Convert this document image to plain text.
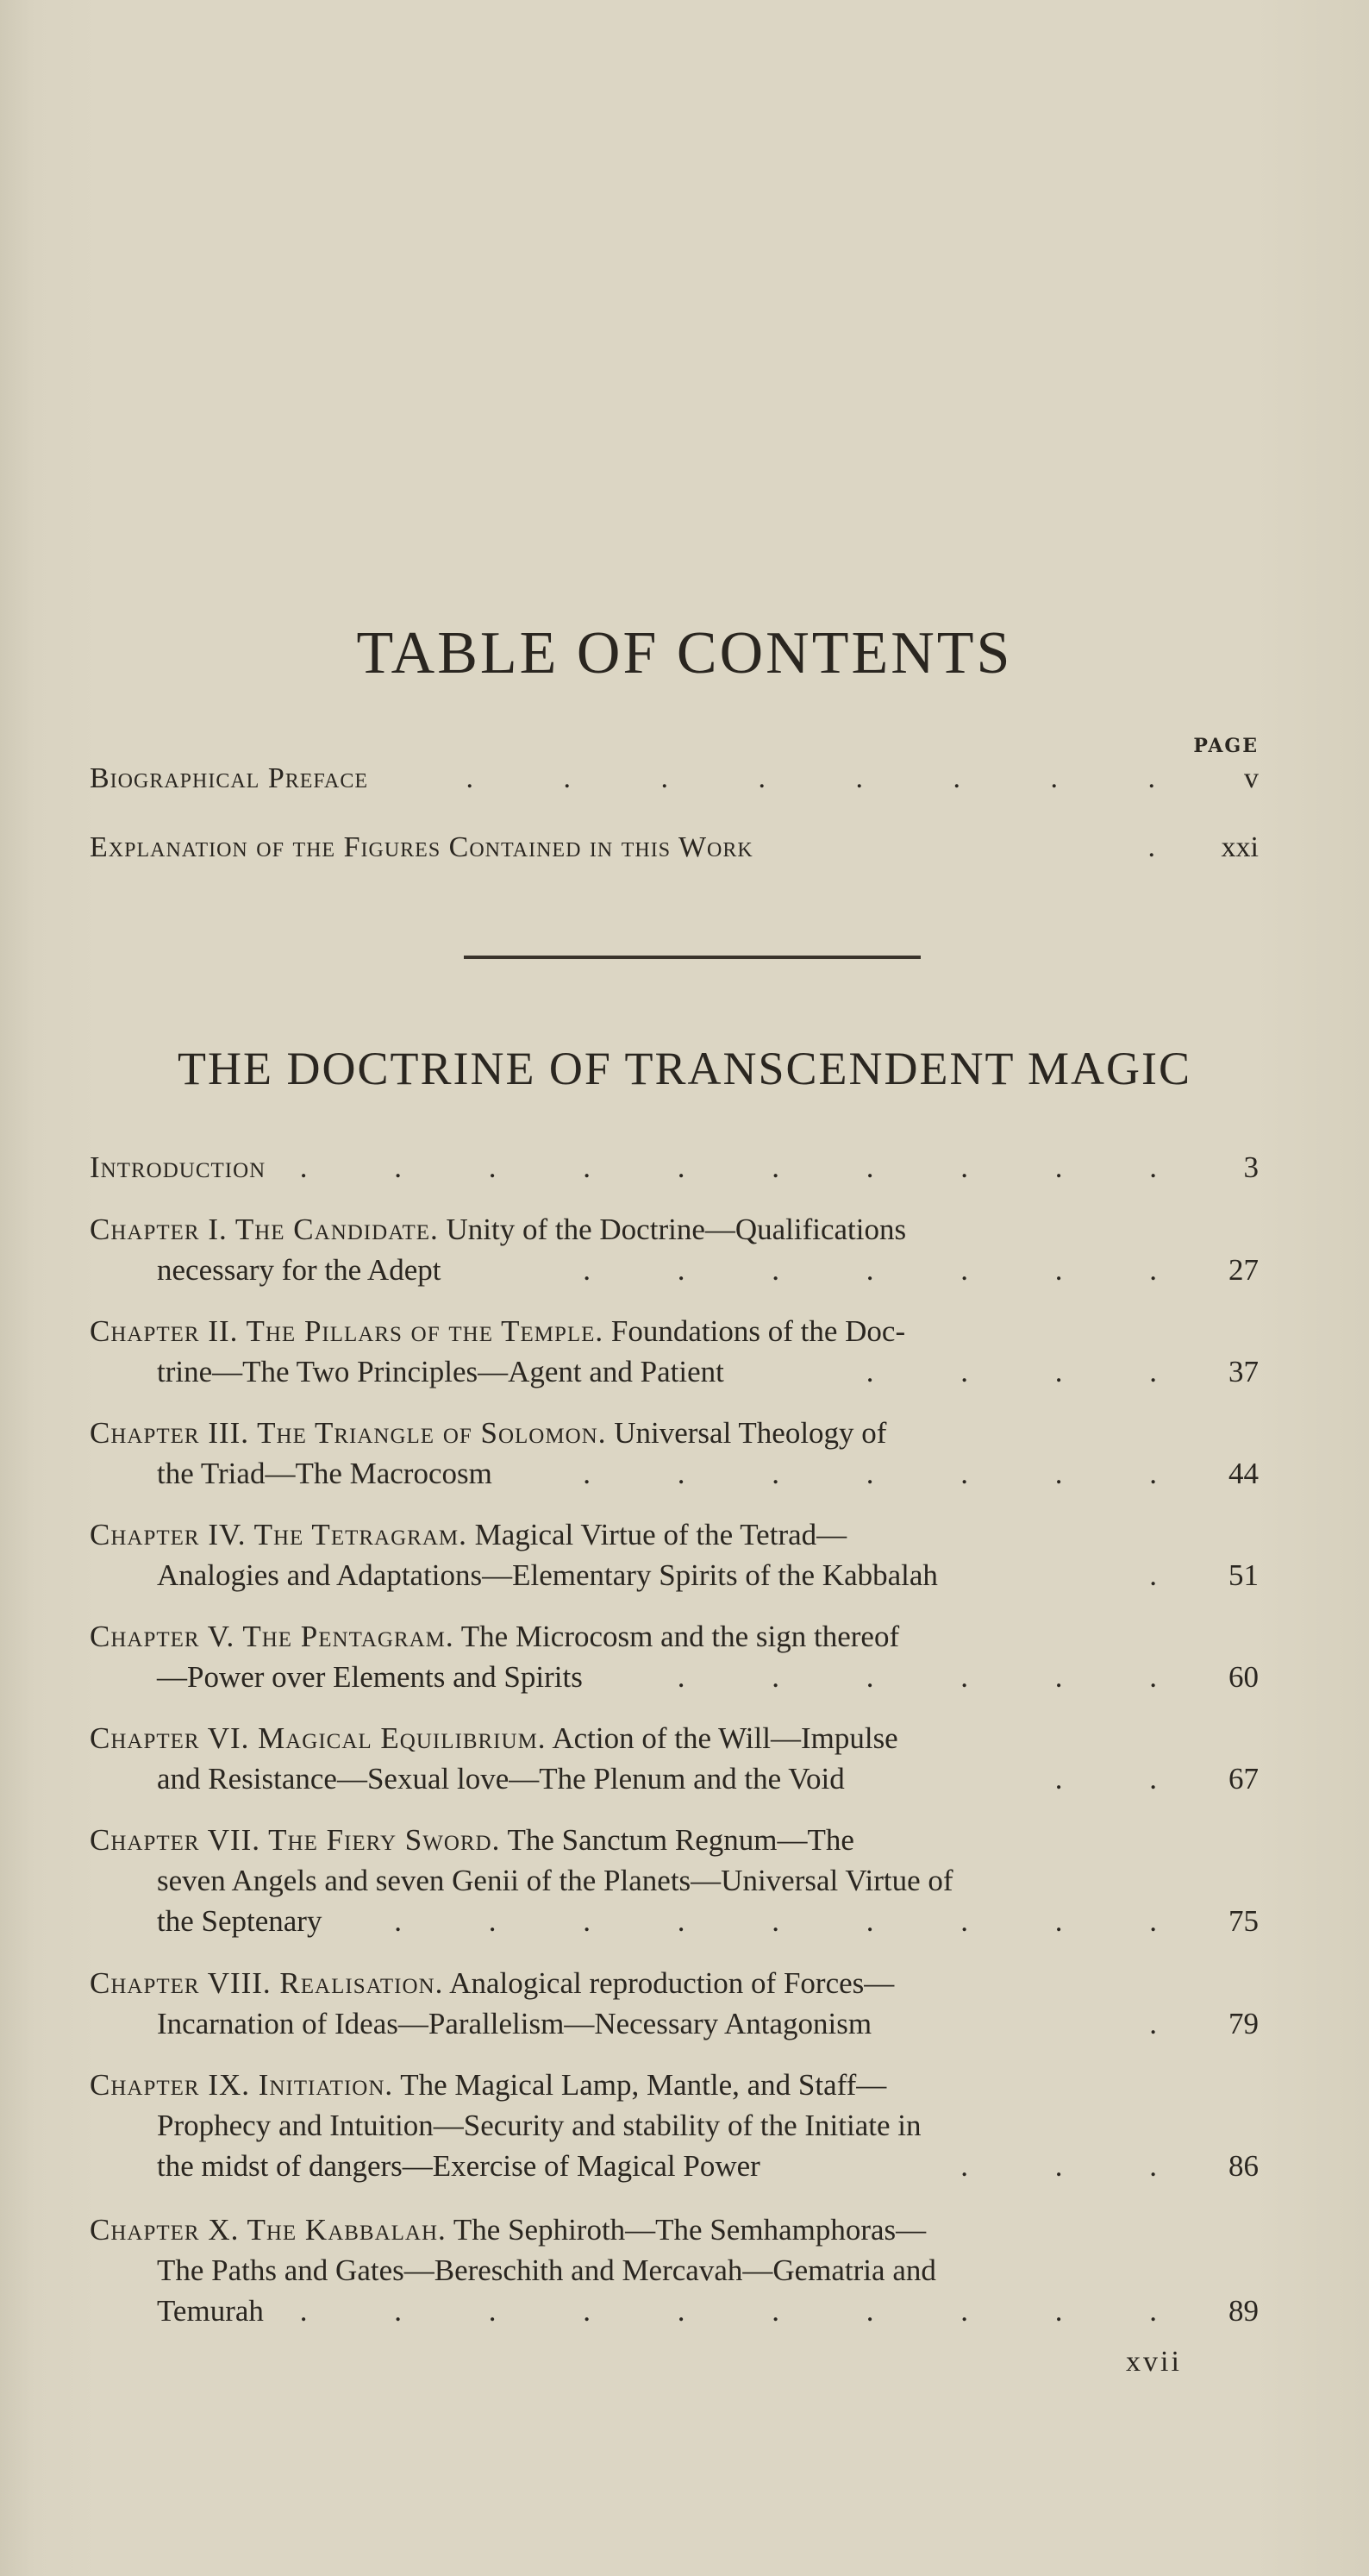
TABLE OF CONTENTS
PAGE
Biographical Preface	. . . . . . . .	v
Explanation of the Figures Contained in this Work	. xxi
THE DOCTRINE OF TRANSCENDENT MAGIC
Introduction	. . . . . . . . . .	3
Chapter I. The Candidate. Unity of the Doctrine—Qualifications
necessary for the Adept	. . . . . . .	27
Chapter II. The Pillars of the Temple. Foundations of the Doc-
trine—The Two Principles—Agent and Patient	. . . .	37
Chapter III. The Triangle of Solomon. Universal Theology of
the Triad—The Macrocosm	. . . . . . .	44
Chapter IV. The Tetragram. Magical Virtue of the Tetrad—
Analogies and Adaptations—Elementary Spirits of the Kabbalah	.	51
Chapter V. The Pentagram. The Microcosm and the sign thereof
—Power over Elements and Spirits	. . . . . .	60
Chapter VI. Magical Equilibrium. Action of the Will—Impulse
and Resistance—Sexual love—The Plenum and the Void	. .	67
Chapter VII. The Fiery Sword. The Sanctum Regnum—The
seven Angels and seven Genii of the Planets—Universal Virtue of
the Septenary	. . . . . . . . .	75
Chapter VIII. Realisation. Analogical reproduction of Forces—
Incarnation of Ideas—Parallelism—Necessary Antagonism	.	79
Chapter IX. Initiation. The Magical Lamp, Mantle, and Staff—
Prophecy and Intuition—Security and stability of the Initiate in
the midst of dangers—Exercise of Magical Power	. . .	86
Chapter X. The Kabbalah. The Sephiroth—The Semhamphoras—
The Paths and Gates—Bereschith and Mercavah—Gematria and
Temurah	. . . . . . . . . .	89
xvii
